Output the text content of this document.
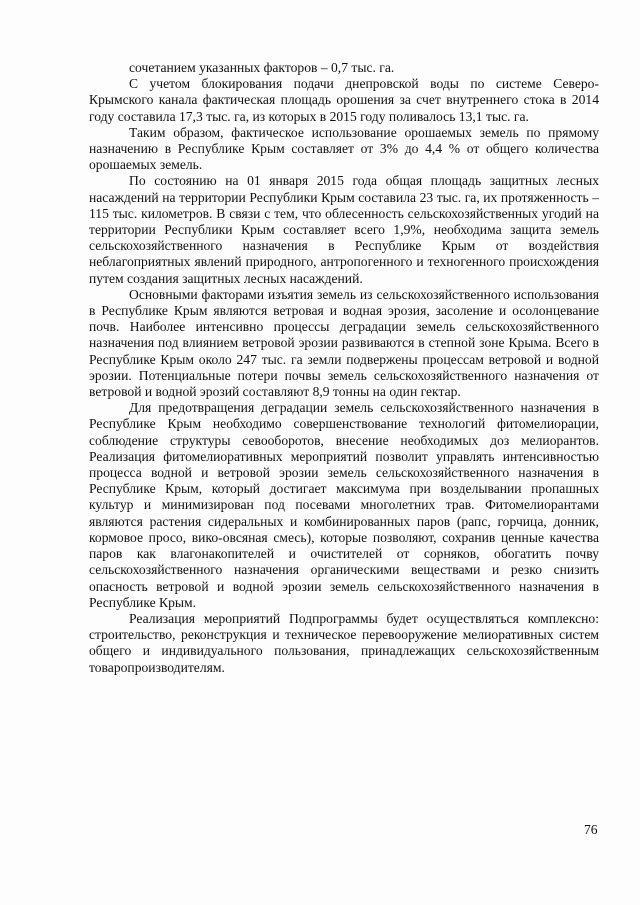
сочетанием указанных факторов – 0,7 тыс. га.

С учетом блокирования подачи днепровской воды по системе Северо-Крымского канала фактическая площадь орошения за счет внутреннего стока в 2014 году составила 17,3 тыс. га, из которых в 2015 году поливалось 13,1 тыс. га.

Таким образом, фактическое использование орошаемых земель по прямому назначению в Республике Крым составляет от 3% до 4,4 % от общего количества орошаемых земель.

По состоянию на 01 января 2015 года общая площадь защитных лесных насаждений на территории Республики Крым составила 23 тыс. га, их протяженность – 115 тыс. километров. В связи с тем, что облесенность сельскохозяйственных угодий на территории Республики Крым составляет всего 1,9%, необходима защита земель сельскохозяйственного назначения в Республике Крым от воздействия неблагоприятных явлений природного, антропогенного и техногенного происхождения путем создания защитных лесных насаждений.

Основными факторами изъятия земель из сельскохозяйственного использования в Республике Крым являются ветровая и водная эрозия, засоление и осолонцевание почв. Наиболее интенсивно процессы деградации земель сельскохозяйственного назначения под влиянием ветровой эрозии развиваются в степной зоне Крыма. Всего в Республике Крым около 247 тыс. га земли подвержены процессам ветровой и водной эрозии. Потенциальные потери почвы земель сельскохозяйственного назначения от ветровой и водной эрозий составляют 8,9 тонны на один гектар.

Для предотвращения деградации земель сельскохозяйственного назначения в Республике Крым необходимо совершенствование технологий фитомелиорации, соблюдение структуры севооборотов, внесение необходимых доз мелиорантов. Реализация фитомелиоративных мероприятий позволит управлять интенсивностью процесса водной и ветровой эрозии земель сельскохозяйственного назначения в Республике Крым, который достигает максимума при возделывании пропашных культур и минимизирован под посевами многолетних трав. Фитомелиорантами являются растения сидеральных и комбинированных паров (рапс, горчица, донник, кормовое просо, вико-овсяная смесь), которые позволяют, сохранив ценные качества паров как влагонакопителей и очистителей от сорняков, обогатить почву сельскохозяйственного назначения органическими веществами и резко снизить опасность ветровой и водной эрозии земель сельскохозяйственного назначения в Республике Крым.

Реализация мероприятий Подпрограммы будет осуществляться комплексно: строительство, реконструкция и техническое перевооружение мелиоративных систем общего и индивидуального пользования, принадлежащих сельскохозяйственным товаропроизводителям.

76
